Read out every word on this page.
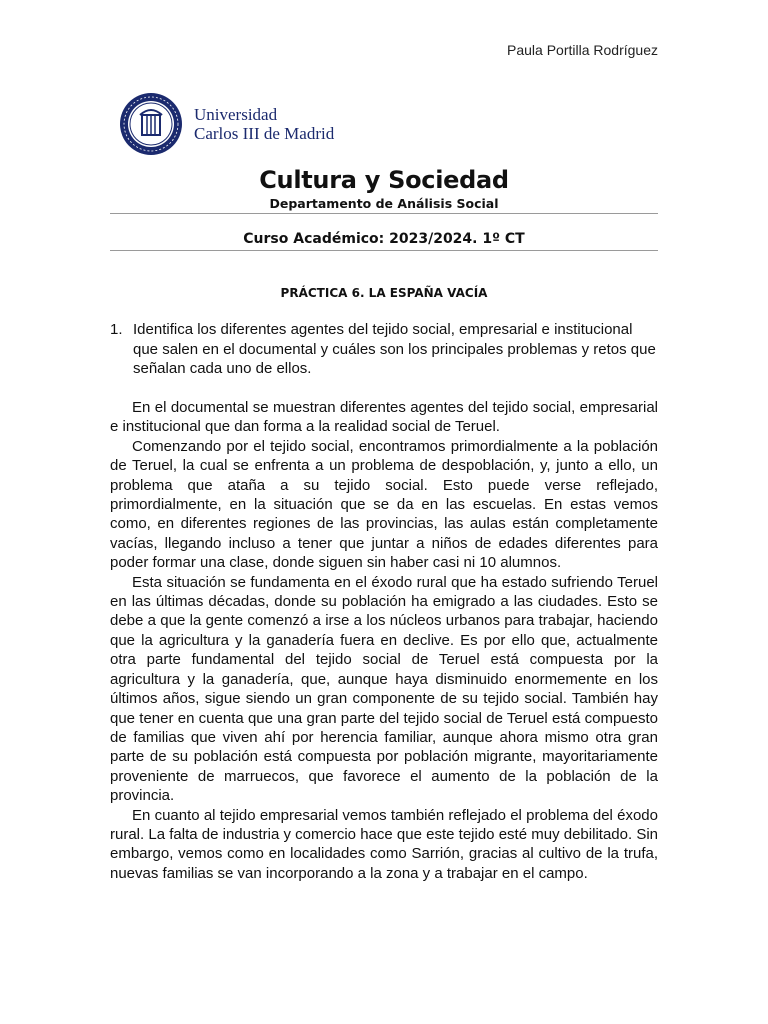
Paula Portilla Rodríguez
Universidad
Carlos III de Madrid
Cultura y Sociedad
Departamento de Análisis Social
Curso Académico: 2023/2024. 1º CT
PRÁCTICA 6. LA ESPAÑA VACÍA
1. Identifica los diferentes agentes del tejido social, empresarial e institucional que salen en el documental y cuáles son los principales problemas y retos que señalan cada uno de ellos.

En el documental se muestran diferentes agentes del tejido social, empresarial e institucional que dan forma a la realidad social de Teruel.

Comenzando por el tejido social, encontramos primordialmente a la población de Teruel, la cual se enfrenta a un problema de despoblación, y, junto a ello, un problema que ataña a su tejido social. Esto puede verse reflejado, primordialmente, en la situación que se da en las escuelas. En estas vemos como, en diferentes regiones de las provincias, las aulas están completamente vacías, llegando incluso a tener que juntar a niños de edades diferentes para poder formar una clase, donde siguen sin haber casi ni 10 alumnos.

Esta situación se fundamenta en el éxodo rural que ha estado sufriendo Teruel en las últimas décadas, donde su población ha emigrado a las ciudades. Esto se debe a que la gente comenzó a irse a los núcleos urbanos para trabajar, haciendo que la agricultura y la ganadería fuera en declive. Es por ello que, actualmente otra parte fundamental del tejido social de Teruel está compuesta por la agricultura y la ganadería, que, aunque haya disminuido enormemente en los últimos años, sigue siendo un gran componente de su tejido social. También hay que tener en cuenta que una gran parte del tejido social de Teruel está compuesto de familias que viven ahí por herencia familiar, aunque ahora mismo otra gran parte de su población está compuesta por población migrante, mayoritariamente proveniente de marruecos, que favorece el aumento de la población de la provincia.

En cuanto al tejido empresarial vemos también reflejado el problema del éxodo rural. La falta de industria y comercio hace que este tejido esté muy debilitado. Sin embargo, vemos como en localidades como Sarrión, gracias al cultivo de la trufa, nuevas familias se van incorporando a la zona y a trabajar en el campo.
